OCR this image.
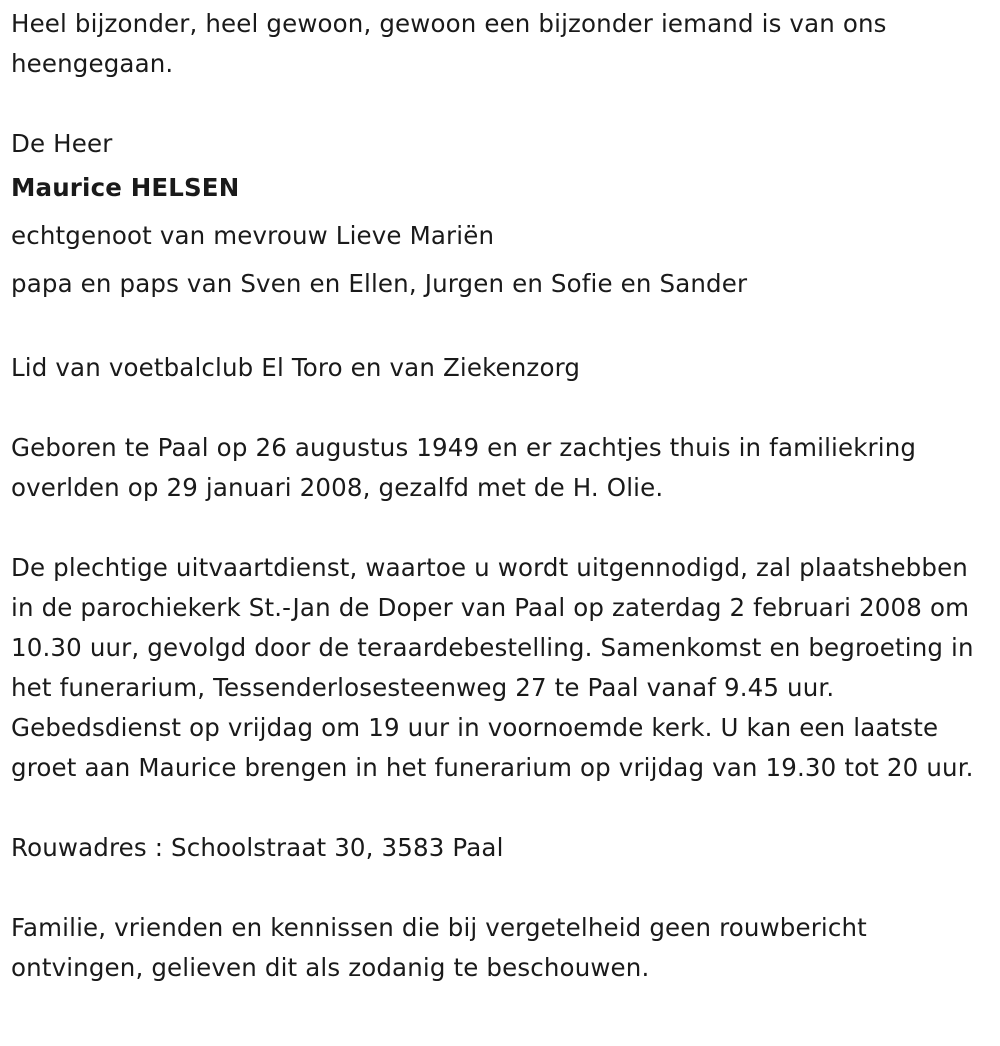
Heel bijzonder, heel gewoon, gewoon een bijzonder iemand is van ons heengegaan.

De Heer

Maurice HELSEN

echtgenoot van mevrouw Lieve Mariën

papa en paps van Sven en Ellen, Jurgen en Sofie en Sander

Lid van voetbalclub El Toro en van Ziekenzorg

Geboren te Paal op 26 augustus 1949 en er zachtjes thuis in familiekring overlden op 29 januari 2008, gezalfd met de H. Olie.

De plechtige uitvaartdienst, waartoe u wordt uitgennodigd, zal plaatshebben in de parochiekerk St.-Jan de Doper van Paal op zaterdag 2 februari 2008 om 10.30 uur, gevolgd door de teraardebestelling. Samenkomst en begroeting in het funerarium, Tessenderlosesteenweg 27 te Paal vanaf 9.45 uur. Gebedsdienst op vrijdag om 19 uur in voornoemde kerk. U kan een laatste groet aan Maurice brengen in het funerarium op vrijdag van 19.30 tot 20 uur.

Rouwadres : Schoolstraat 30, 3583 Paal

Familie, vrienden en kennissen die bij vergetelheid geen rouwbericht ontvingen, gelieven dit als zodanig te beschouwen.
